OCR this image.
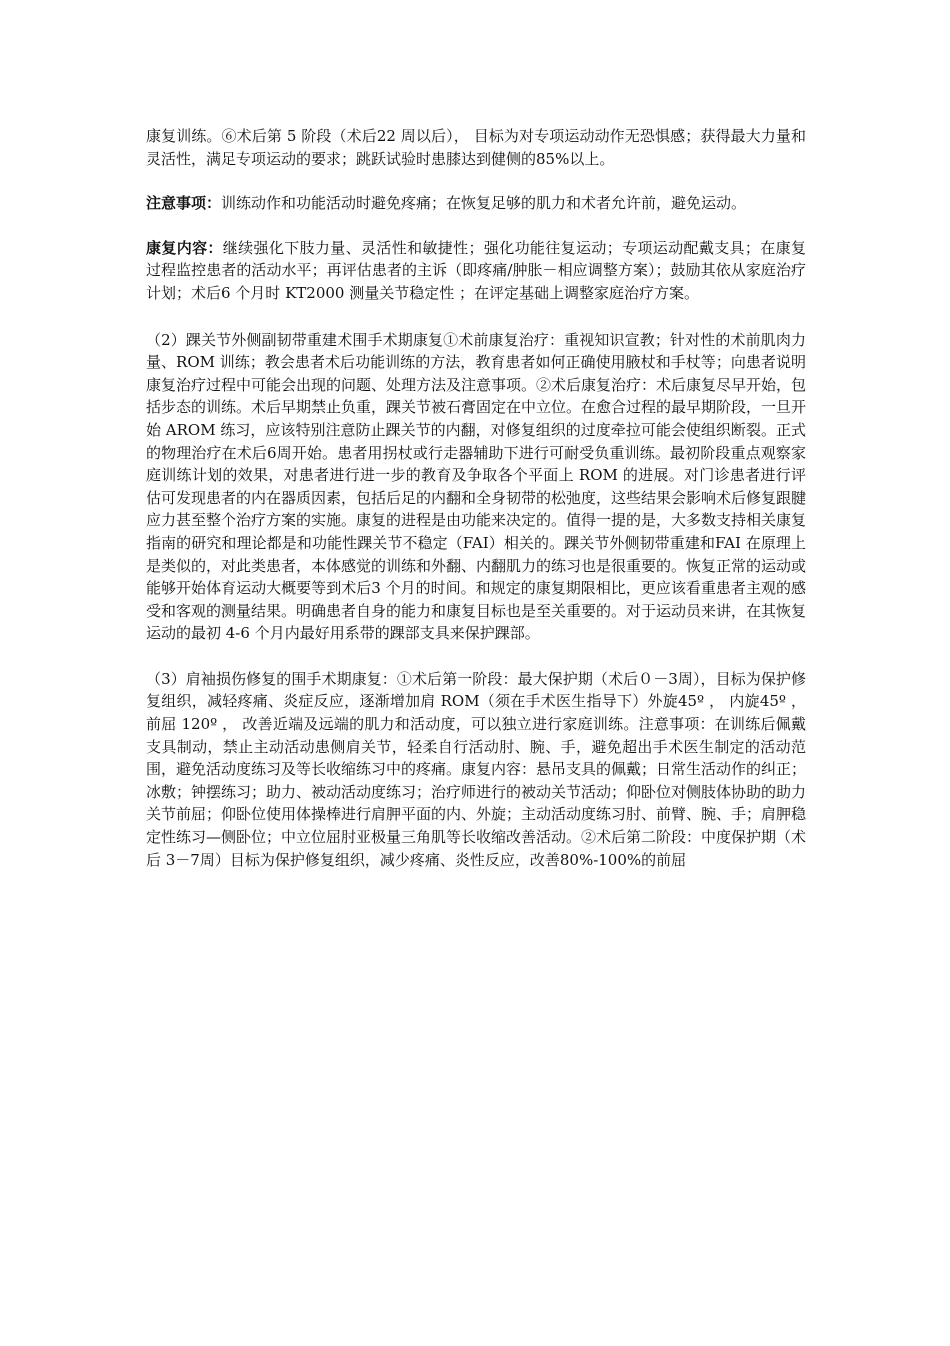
康复训练。⑥术后第 5 阶段（术后22 周以后）， 目标为对专项运动动作无恐惧感；获得最大力量和灵活性，满足专项运动的要求；跳跃试验时患膝达到健侧的85%以上。

注意事项：训练动作和功能活动时避免疼痛；在恢复足够的肌力和术者允许前，避免运动。

康复内容：继续强化下肢力量、灵活性和敏捷性；强化功能往复运动；专项运动配戴支具；在康复过程监控患者的活动水平；再评估患者的主诉（即疼痛/肿胀－相应调整方案）；鼓励其依从家庭治疗计划；术后6 个月时 KT2000 测量关节稳定性 ；在评定基础上调整家庭治疗方案。

（2）踝关节外侧副韧带重建术围手术期康复①术前康复治疗：重视知识宣教；针对性的术前肌肉力量、ROM 训练；教会患者术后功能训练的方法，教育患者如何正确使用腋杖和手杖等；向患者说明康复治疗过程中可能会出现的问题、处理方法及注意事项。②术后康复治疗：术后康复尽早开始，包括步态的训练。术后早期禁止负重，踝关节被石膏固定在中立位。在愈合过程的最早期阶段，一旦开始 AROM 练习，应该特别注意防止踝关节的内翻，对修复组织的过度牵拉可能会使组织断裂。正式的物理治疗在术后6周开始。患者用拐杖或行走器辅助下进行可耐受负重训练。最初阶段重点观察家庭训练计划的效果，对患者进行进一步的教育及争取各个平面上 ROM 的进展。对门诊患者进行评估可发现患者的内在器质因素，包括后足的内翻和全身韧带的松弛度，这些结果会影响术后修复跟腱应力甚至整个治疗方案的实施。康复的进程是由功能来决定的。值得一提的是，大多数支持相关康复指南的研究和理论都是和功能性踝关节不稳定（FAI）相关的。踝关节外侧韧带重建和FAI 在原理上是类似的，对此类患者，本体感觉的训练和外翻、内翻肌力的练习也是很重要的。恢复正常的运动或能够开始体育运动大概要等到术后3 个月的时间。和规定的康复期限相比，更应该看重患者主观的感受和客观的测量结果。明确患者自身的能力和康复目标也是至关重要的。对于运动员来讲，在其恢复运动的最初 4-6 个月内最好用系带的踝部支具来保护踝部。

（3）肩袖损伤修复的围手术期康复：①术后第一阶段：最大保护期（术后０－3周），目标为保护修复组织，减轻疼痛、炎症反应，逐渐增加肩 ROM（须在手术医生指导下）外旋45º ， 内旋45º ， 前屈 120º ， 改善近端及远端的肌力和活动度，可以独立进行家庭训练。注意事项：在训练后佩戴支具制动，禁止主动活动患侧肩关节，轻柔自行活动肘、腕、手，避免超出手术医生制定的活动范围，避免活动度练习及等长收缩练习中的疼痛。康复内容：悬吊支具的佩戴；日常生活动作的纠正；冰敷；钟摆练习；助力、被动活动度练习；治疗师进行的被动关节活动；仰卧位对侧肢体协助的助力关节前屈；仰卧位使用体操棒进行肩胛平面的内、外旋；主动活动度练习肘、前臂、腕、手；肩胛稳定性练习—侧卧位；中立位屈肘亚极量三角肌等长收缩改善活动。②术后第二阶段：中度保护期（术后 3－7周）目标为保护修复组织，减少疼痛、炎性反应，改善80%-100%的前屈
